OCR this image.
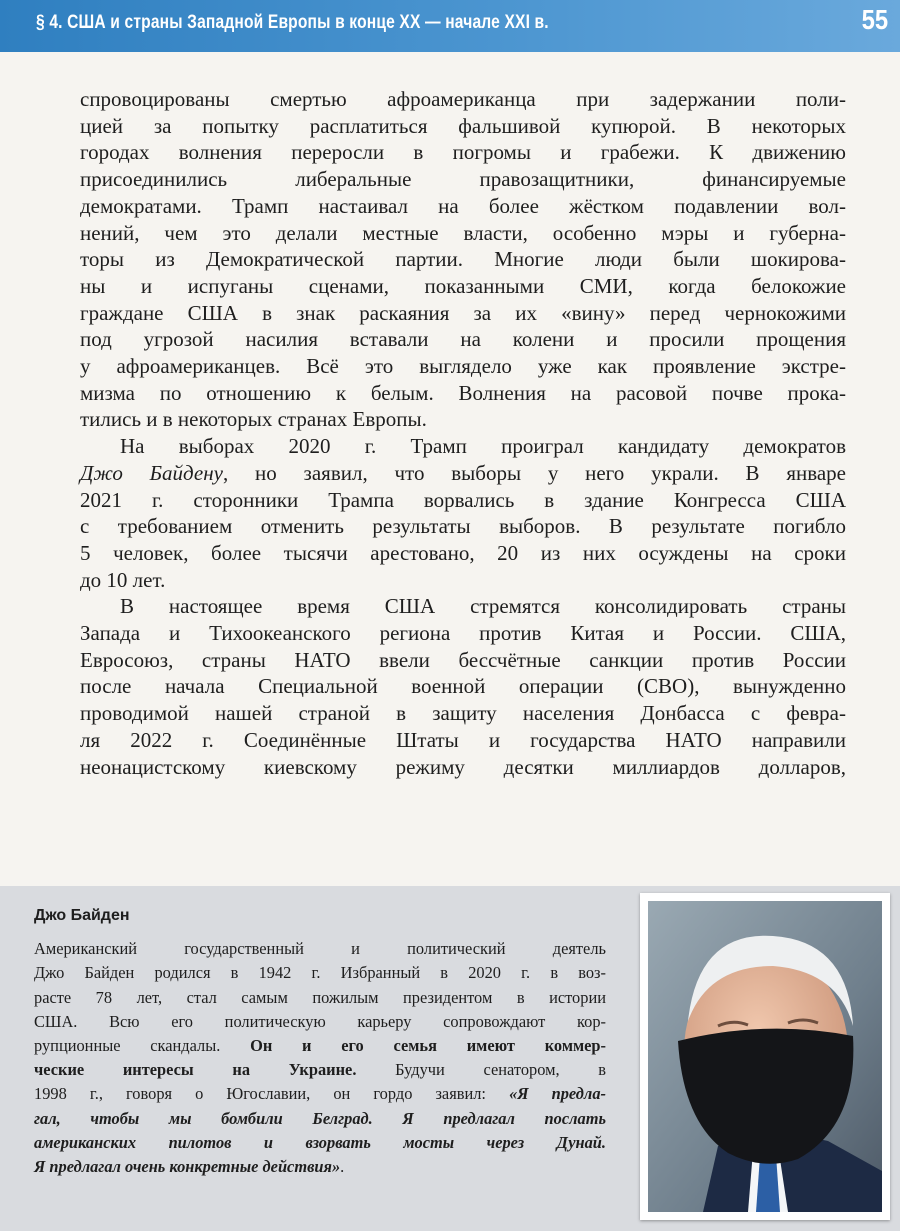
§ 4. США и страны Западной Европы в конце XX — начале XXI в.	55
спровоцированы смертью афроамериканца при задержании поли-
цией за попытку расплатиться фальшивой купюрой. В некоторых
городах волнения переросли в погромы и грабежи. К движению
присоединились либеральные правозащитники, финансируемые
демократами. Трамп настаивал на более жёстком подавлении вол-
нений, чем это делали местные власти, особенно мэры и губерна-
торы из Демократической партии. Многие люди были шокирова-
ны и испуганы сценами, показанными СМИ, когда белокожие
граждане США в знак раскаяния за их «вину» перед чернокожими
под угрозой насилия вставали на колени и просили прощения
у афроамериканцев. Всё это выглядело уже как проявление экстре-
мизма по отношению к белым. Волнения на расовой почве прока-
тились и в некоторых странах Европы.
На выборах 2020 г. Трамп проиграл кандидату демократов
Джо Байдену, но заявил, что выборы у него украли. В январе
2021 г. сторонники Трампа ворвались в здание Конгресса США
с требованием отменить результаты выборов. В результате погибло
5 человек, более тысячи арестовано, 20 из них осуждены на сроки
до 10 лет.
В настоящее время США стремятся консолидировать страны
Запада и Тихоокеанского региона против Китая и России. США,
Евросоюз, страны НАТО ввели бессчётные санкции против России
после начала Специальной военной операции (СВО), вынужденно
проводимой нашей страной в защиту населения Донбасса с февра-
ля 2022 г. Соединённые Штаты и государства НАТО направили
неонацистскому киевскому режиму десятки миллиардов долларов,
Джо Байден
Американский государственный и политический деятель
Джо Байден родился в 1942 г. Избранный в 2020 г. в воз-
расте 78 лет, стал самым пожилым президентом в истории
США. Всю его политическую карьеру сопровождают кор-
рупционные скандалы. Он и его семья имеют коммер-
ческие интересы на Украине. Будучи сенатором, в
1998 г., говоря о Югославии, он гордо заявил: «Я предла-
гал, чтобы мы бомбили Белград. Я предлагал послать
американских пилотов и взорвать мосты через Дунай.
Я предлагал очень конкретные действия».
